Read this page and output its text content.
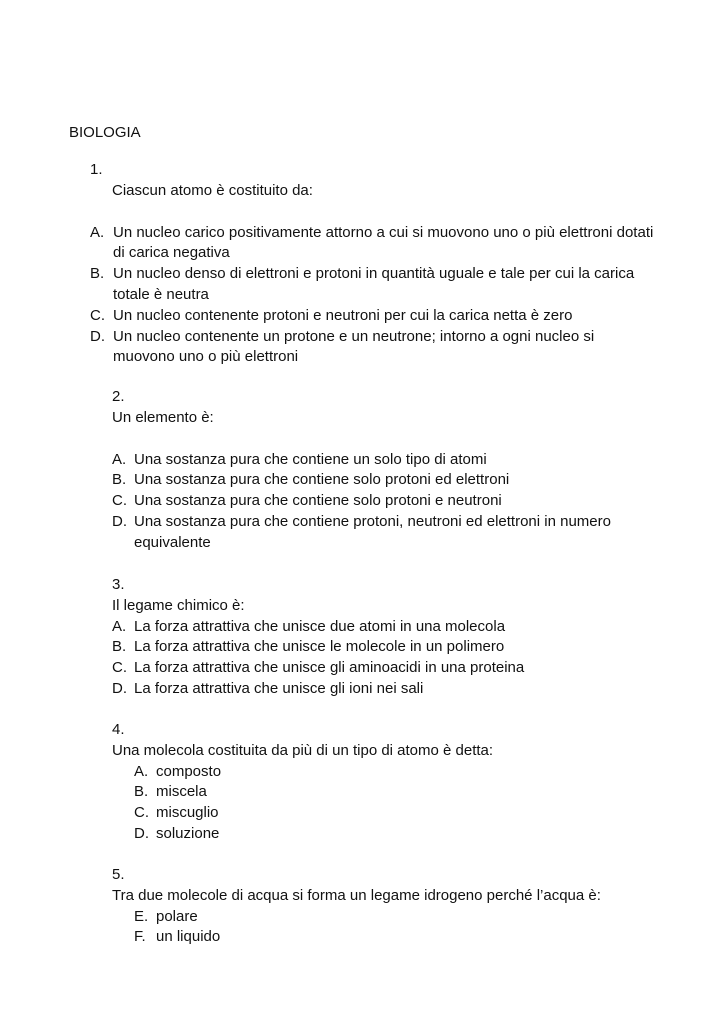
BIOLOGIA
1.
Ciascun atomo è costituito da:
A. Un nucleo carico positivamente attorno a cui si muovono uno o più elettroni dotati di carica negativa
B. Un nucleo denso di elettroni e protoni in quantità uguale e tale per cui la carica totale è neutra
C. Un nucleo contenente protoni e neutroni per cui la carica netta è zero
D. Un nucleo contenente un protone e un neutrone; intorno a ogni nucleo si muovono uno o più elettroni
2.
Un elemento è:
A. Una sostanza pura che contiene un solo tipo di atomi
B. Una sostanza pura che contiene solo protoni ed elettroni
C. Una sostanza pura che contiene solo protoni e neutroni
D. Una sostanza pura che contiene protoni, neutroni ed elettroni in numero equivalente
3.
Il legame chimico è:
A. La forza attrattiva che unisce due atomi in una molecola
B. La forza attrattiva che unisce le molecole in un polimero
C. La forza attrattiva che unisce gli aminoacidi in una proteina
D. La forza attrattiva che unisce gli ioni nei sali
4.
Una molecola costituita da più di un tipo di atomo è detta:
A. composto
B. miscela
C. miscuglio
D. soluzione
5.
Tra due molecole di acqua si forma un legame idrogeno perché l’acqua è:
E. polare
F. un liquido
